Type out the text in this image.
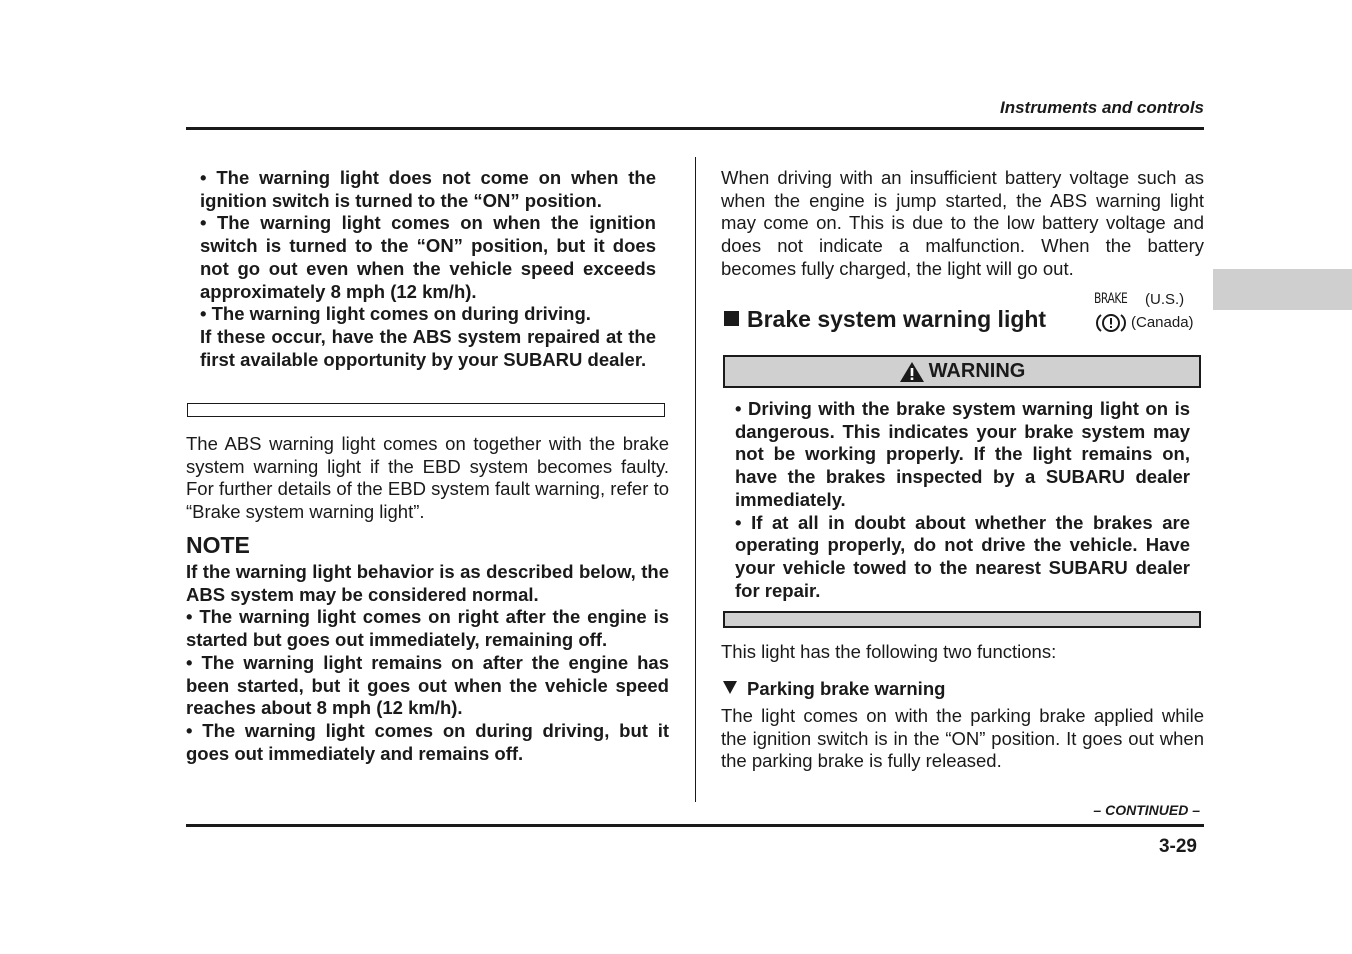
Instruments and controls

• The warning light does not come on when the ignition switch is turned to the “ON” position.

• The warning light comes on when the ignition switch is turned to the “ON” position, but it does not go out even when the vehicle speed exceeds approximately 8 mph (12 km/h).

• The warning light comes on during driving.

If these occur, have the ABS system repaired at the first available opportunity by your SUBARU dealer.

The ABS warning light comes on together with the brake system warning light if the EBD system becomes faulty. For further details of the EBD system fault warning, refer to “Brake system warning light”.

NOTE

If the warning light behavior is as described below, the ABS system may be considered normal.

• The warning light comes on right after the engine is started but goes out immediately, remaining off.

• The warning light remains on after the engine has been started, but it goes out when the vehicle speed reaches about 8 mph (12 km/h).

• The warning light comes on during driving, but it goes out immediately and remains off.

When driving with an insufficient battery voltage such as when the engine is jump started, the ABS warning light may come on. This is due to the low battery voltage and does not indicate a malfunction. When the battery becomes fully charged, the light will go out.

Brake system warning light
BRAKE (U.S.)
(Canada)
WARNING

• Driving with the brake system warning light on is dangerous. This indicates your brake system may not be working properly. If the light remains on, have the brakes inspected by a SUBARU dealer immediately.

• If at all in doubt about whether the brakes are operating properly, do not drive the vehicle. Have your vehicle towed to the nearest SUBARU dealer for repair.

This light has the following two functions:
Parking brake warning

The light comes on with the parking brake applied while the ignition switch is in the “ON” position. It goes out when the parking brake is fully released.

– CONTINUED –
3-29
